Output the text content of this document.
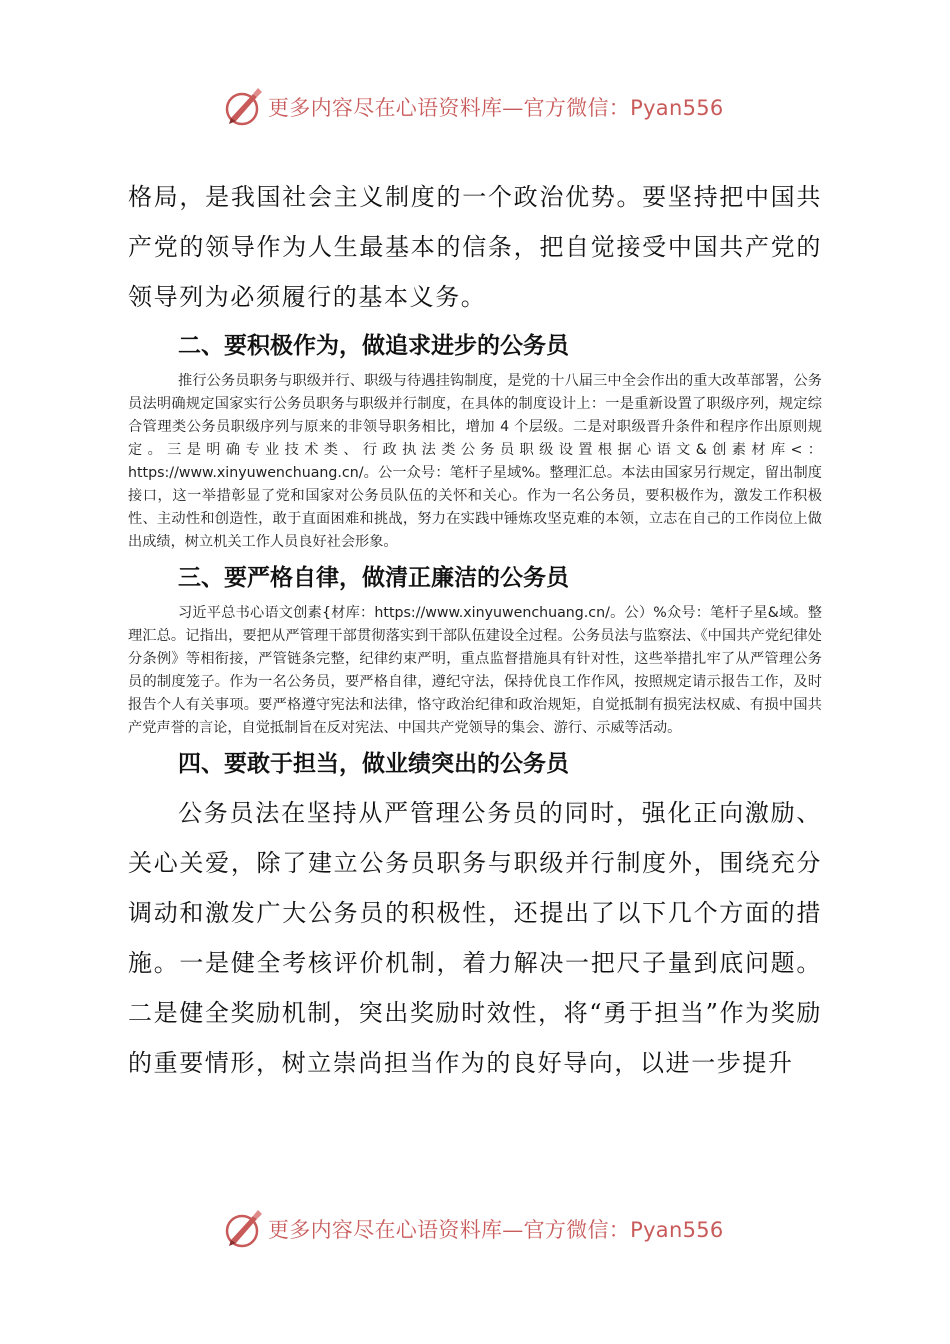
更多内容尽在心语资料库—官方微信：Pyan556

格局，是我国社会主义制度的一个政治优势。要坚持把中国共产党的领导作为人生最基本的信条，把自觉接受中国共产党的领导列为必须履行的基本义务。

二、要积极作为，做追求进步的公务员

推行公务员职务与职级并行、职级与待遇挂钩制度，是党的十八届三中全会作出的重大改革部署，公务员法明确规定国家实行公务员职务与职级并行制度，在具体的制度设计上：一是重新设置了职级序列，规定综合管理类公务员职级序列与原来的非领导职务相比，增加 4 个层级。二是对职级晋升条件和程序作出原则规定。三是明确专业技术类、行政执法类公务员职级设置根据心语文&创素材库<：https://www.xinyuwenchuang.cn/。公一众号：笔杆子星域%。整理汇总。本法由国家另行规定，留出制度接口，这一举措彰显了党和国家对公务员队伍的关怀和关心。作为一名公务员，要积极作为，激发工作积极性、主动性和创造性，敢于直面困难和挑战，努力在实践中锤炼攻坚克难的本领，立志在自己的工作岗位上做出成绩，树立机关工作人员良好社会形象。

三、要严格自律，做清正廉洁的公务员

习近平总书心语文创素{材库：https://www.xinyuwenchuang.cn/。公）%众号：笔杆子星&域。整理汇总。记指出，要把从严管理干部贯彻落实到干部队伍建设全过程。公务员法与监察法、《中国共产党纪律处分条例》等相衔接，严管链条完整，纪律约束严明，重点监督措施具有针对性，这些举措扎牢了从严管理公务员的制度笼子。作为一名公务员，要严格自律，遵纪守法，保持优良工作作风，按照规定请示报告工作，及时报告个人有关事项。要严格遵守宪法和法律，恪守政治纪律和政治规矩，自觉抵制有损宪法权威、有损中国共产党声誉的言论，自觉抵制旨在反对宪法、中国共产党领导的集会、游行、示威等活动。

四、要敢于担当，做业绩突出的公务员

公务员法在坚持从严管理公务员的同时，强化正向激励、关心关爱，除了建立公务员职务与职级并行制度外，围绕充分调动和激发广大公务员的积极性，还提出了以下几个方面的措施。一是健全考核评价机制，着力解决一把尺子量到底问题。二是健全奖励机制，突出奖励时效性，将“勇于担当”作为奖励的重要情形，树立崇尚担当作为的良好导向，以进一步提升

更多内容尽在心语资料库—官方微信：Pyan556
